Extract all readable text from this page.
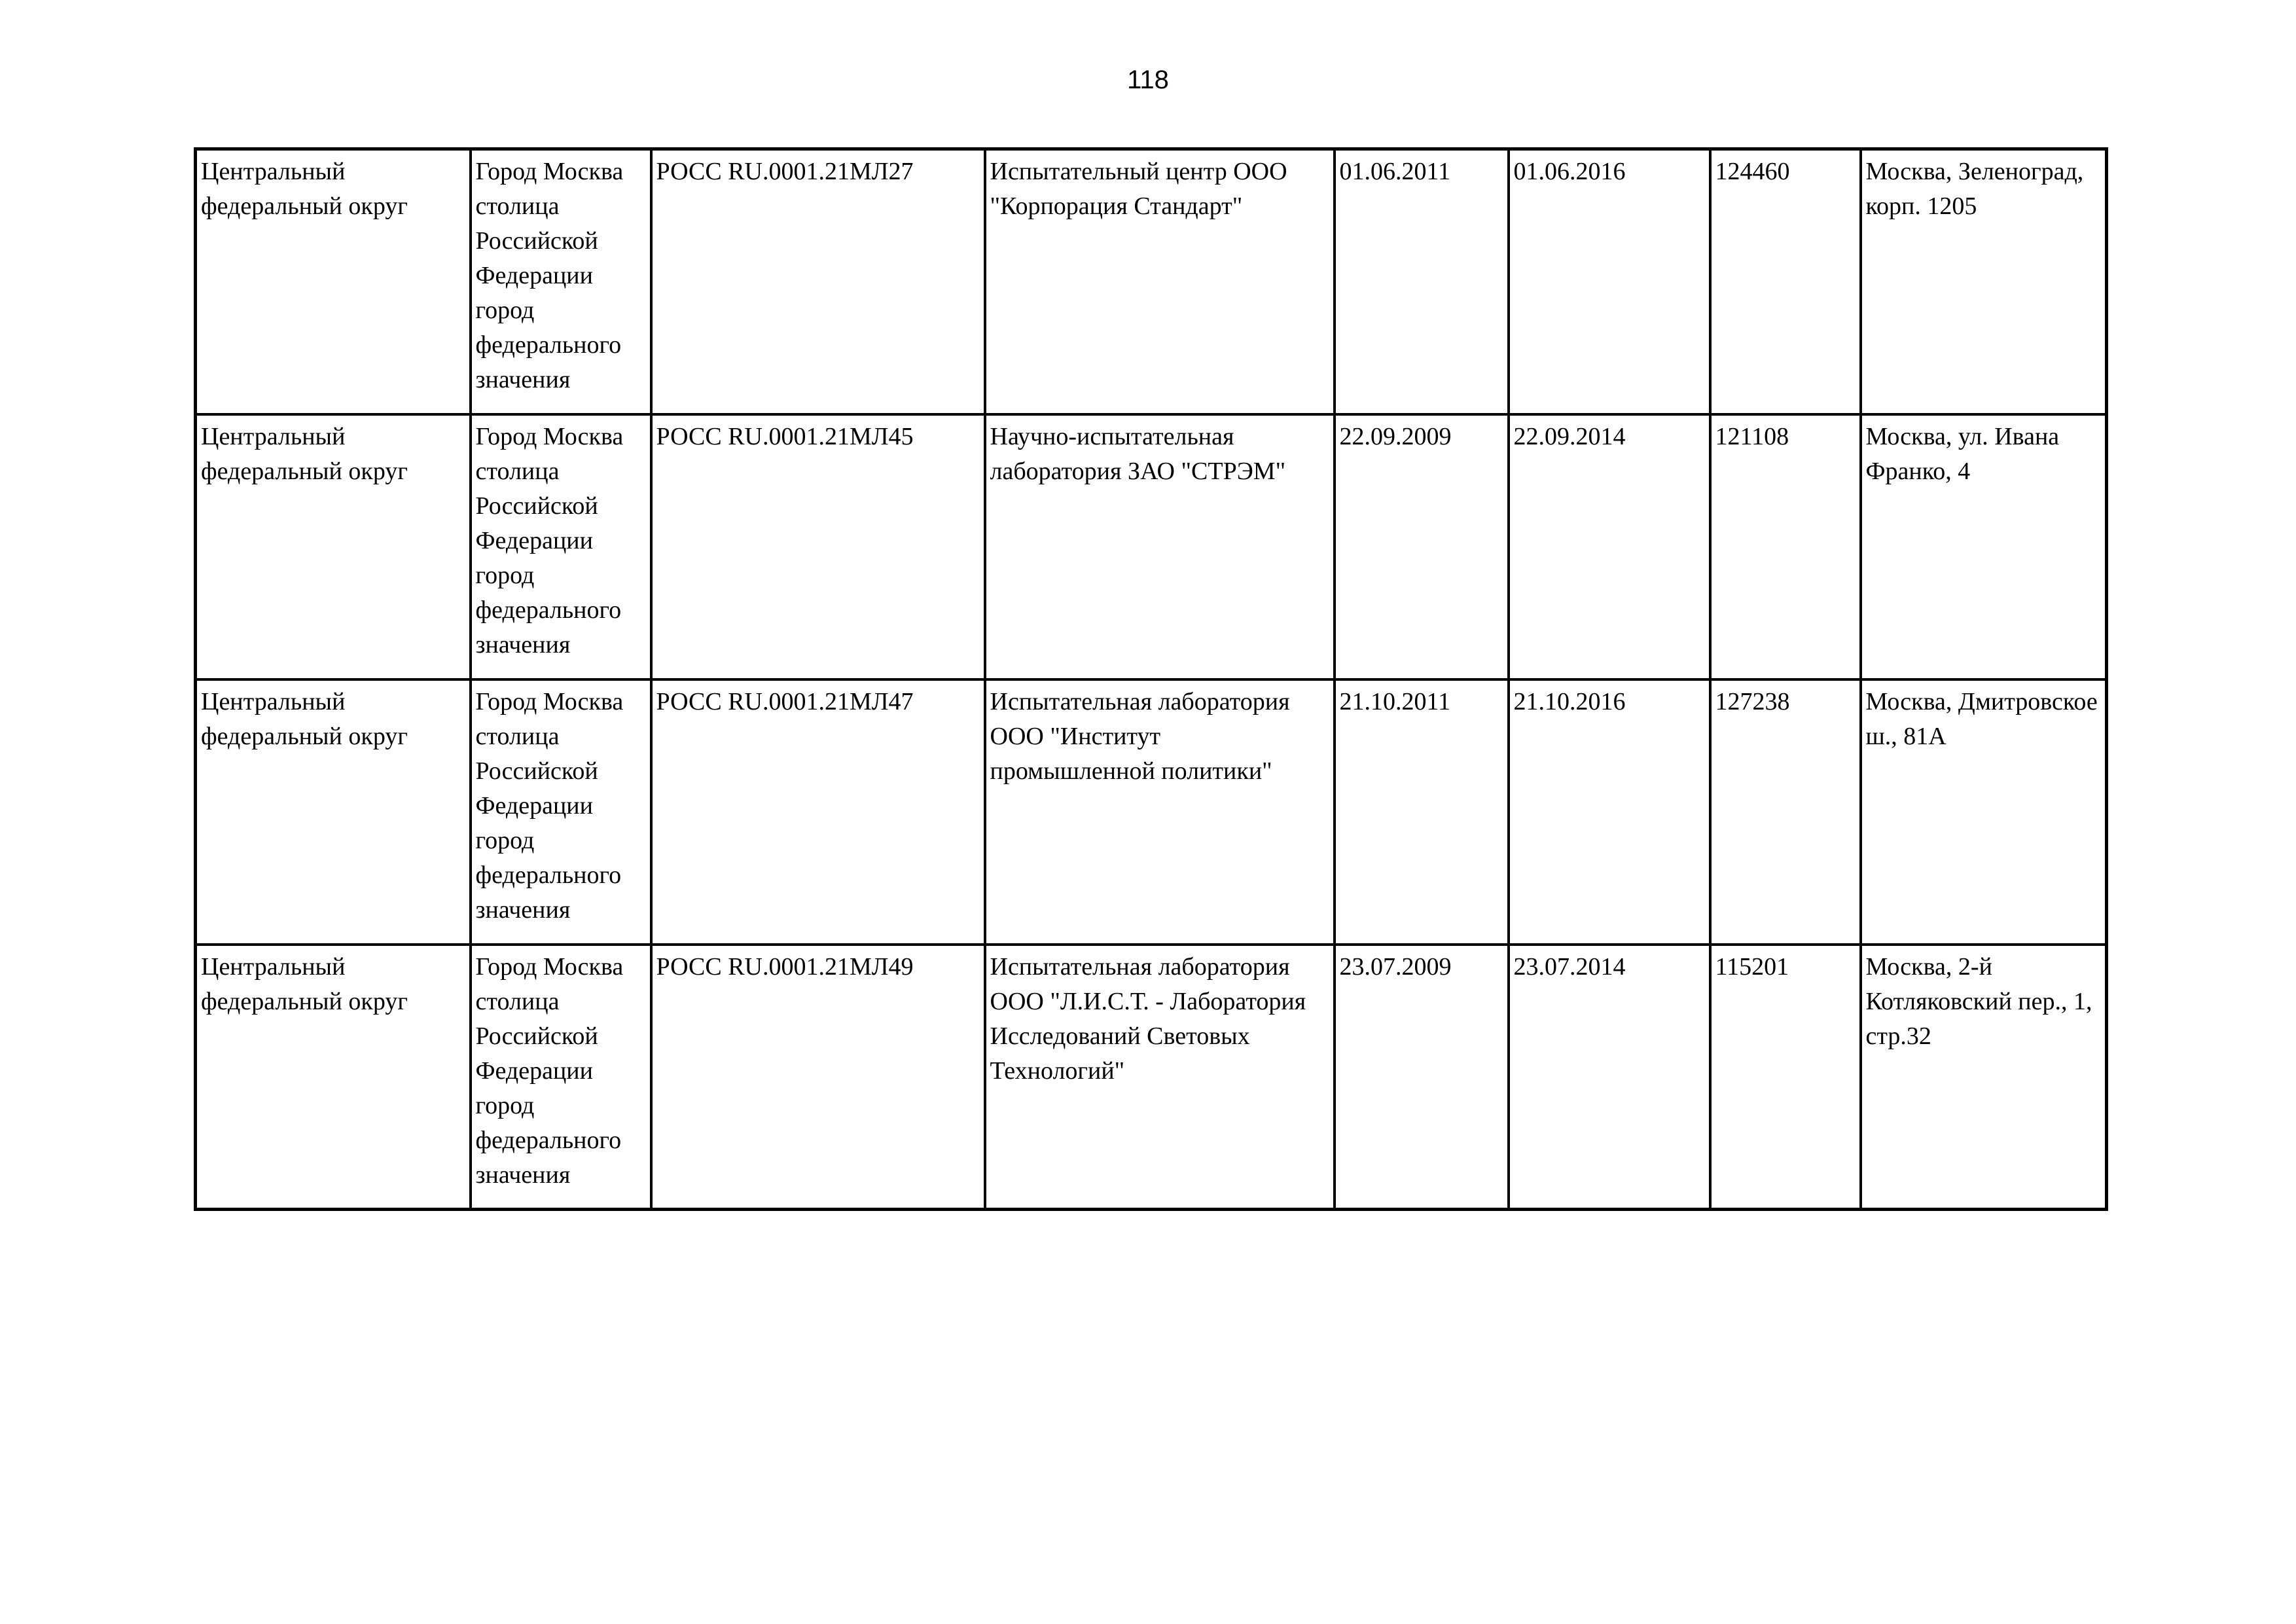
118
Центральный федеральный округ	Город Москва столица Российской Федерации город федерального значения	РОСС RU.0001.21МЛ27	Испытательный центр ООО "Корпорация Стандарт"	01.06.2011	01.06.2016	124460	Москва, Зеленоград, корп. 1205

Центральный федеральный округ	Город Москва столица Российской Федерации город федерального значения	РОСС RU.0001.21МЛ45	Научно-испытательная лаборатория ЗАО "СТРЭМ"	22.09.2009	22.09.2014	121108	Москва, ул. Ивана Франко, 4

Центральный федеральный округ	Город Москва столица Российской Федерации город федерального значения	РОСС RU.0001.21МЛ47	Испытательная лаборатория ООО "Институт промышленной политики"	21.10.2011	21.10.2016	127238	Москва, Дмитровское ш., 81А

Центральный федеральный округ	Город Москва столица Российской Федерации город федерального значения	РОСС RU.0001.21МЛ49	Испытательная лаборатория ООО "Л.И.С.Т. - Лаборатория Исследований Световых Технологий"	23.07.2009	23.07.2014	115201	Москва, 2-й Котляковский пер., 1, стр.32
